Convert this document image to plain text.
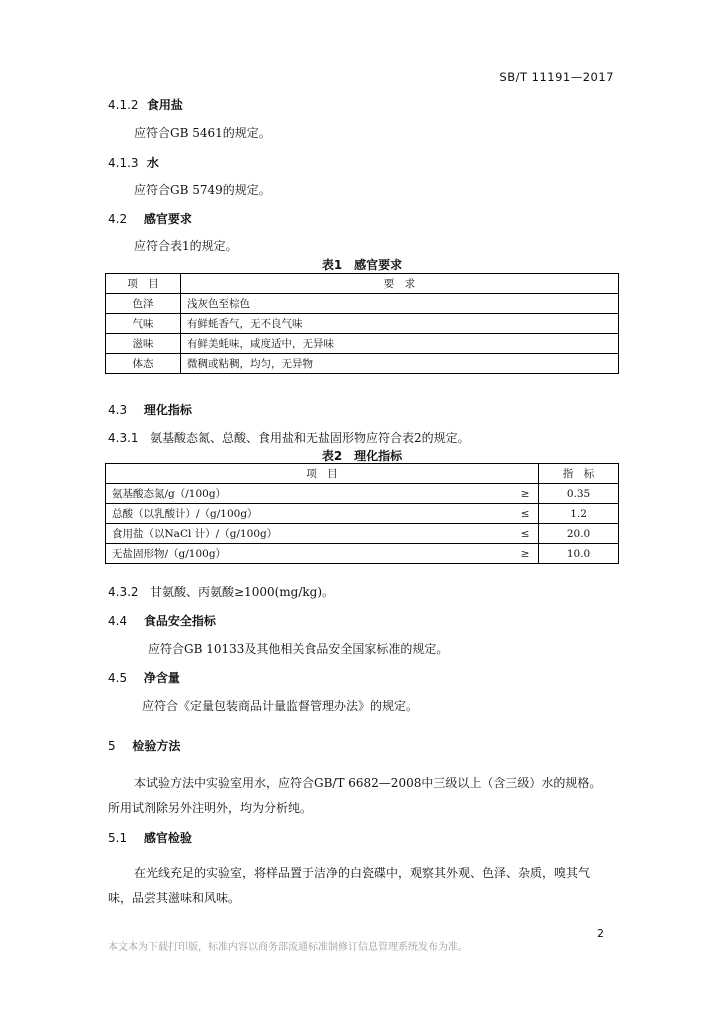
SB/T 11191—2017
4.1.2 食用盐
应符合GB 5461的规定。
4.1.3 水
应符合GB 5749的规定。
4.2 感官要求
应符合表1的规定。
表1　感官要求
项　目	要　求
色泽	浅灰色至棕色
气味	有鲜蚝香气，无不良气味
滋味	有鲜美蚝味，咸度适中，无异味
体态	微稠或粘稠，均匀，无异物
4.3 理化指标
4.3.1 氨基酸态氮、总酸、食用盐和无盐固形物应符合表2的规定。
表2　理化指标
项　目		指　标
氨基酸态氮/g（/100g）	≥	0.35
总酸（以乳酸计）/（g/100g）	≤	1.2
食用盐（以NaCl 计）/（g/100g）	≤	20.0
无盐固形物/（g/100g）	≥	10.0
4.3.2 甘氨酸、丙氨酸≥1000(mg/kg)。
4.4 食品安全指标
应符合GB 10133及其他相关食品安全国家标准的规定。
4.5 净含量
应符合《定量包装商品计量监督管理办法》的规定。
5 检验方法
本试验方法中实验室用水，应符合GB/T 6682—2008中三级以上（含三级）水的规格。
所用试剂除另外注明外，均为分析纯。
5.1 感官检验
在光线充足的实验室，将样品置于洁净的白瓷碟中，观察其外观、色泽、杂质，嗅其气
味，品尝其滋味和风味。
2
本文本为下载打印版，标准内容以商务部流通标准制修订信息管理系统发布为准。
